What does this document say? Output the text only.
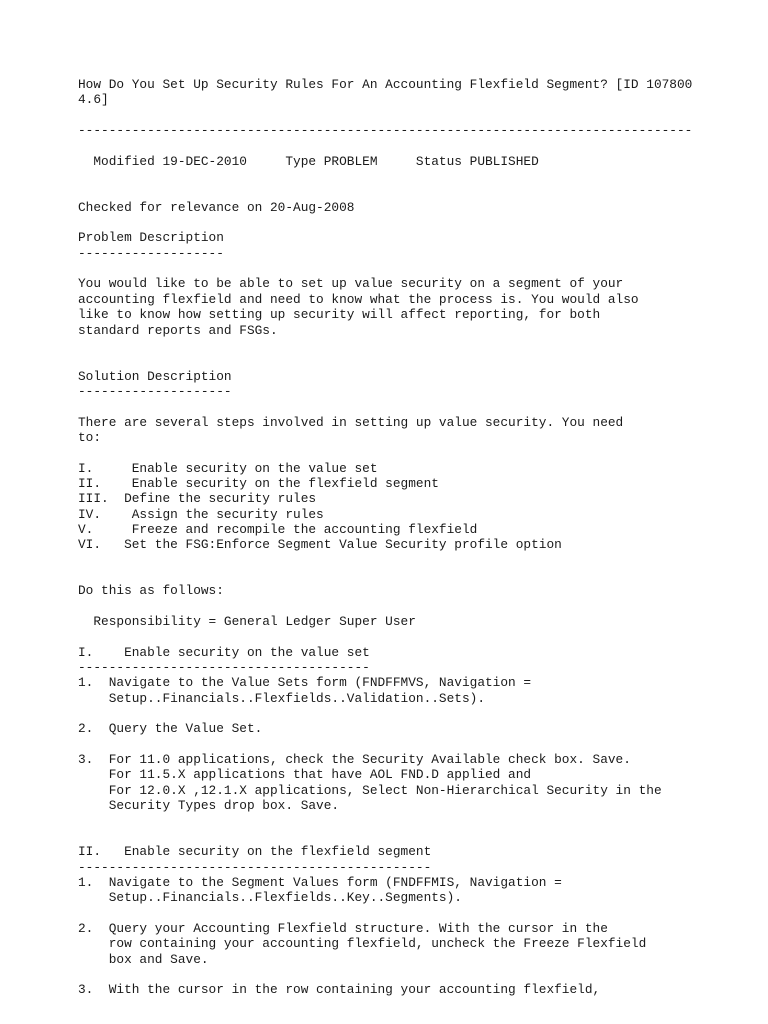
How Do You Set Up Security Rules For An Accounting Flexfield Segment? [ID 107800
4.6]
--------------------------------------------------------------------------------
Modified 19-DEC-2010     Type PROBLEM     Status PUBLISHED
Checked for relevance on 20-Aug-2008
Problem Description
-------------------
You would like to be able to set up value security on a segment of your
accounting flexfield and need to know what the process is. You would also
like to know how setting up security will affect reporting, for both
standard reports and FSGs.
Solution Description
--------------------
There are several steps involved in setting up value security. You need
to:
I.     Enable security on the value set
II.    Enable security on the flexfield segment
III.  Define the security rules
IV.    Assign the security rules
V.     Freeze and recompile the accounting flexfield
VI.   Set the FSG:Enforce Segment Value Security profile option
Do this as follows:
Responsibility = General Ledger Super User
I.    Enable security on the value set
--------------------------------------
1.  Navigate to the Value Sets form (FNDFFMVS, Navigation =
Setup..Financials..Flexfields..Validation..Sets).
2.  Query the Value Set.
3.  For 11.0 applications, check the Security Available check box. Save.
For 11.5.X applications that have AOL FND.D applied and
For 12.0.X ,12.1.X applications, Select Non-Hierarchical Security in the
Security Types drop box. Save.
II.   Enable security on the flexfield segment
----------------------------------------------
1.  Navigate to the Segment Values form (FNDFFMIS, Navigation =
Setup..Financials..Flexfields..Key..Segments).
2.  Query your Accounting Flexfield structure. With the cursor in the
row containing your accounting flexfield, uncheck the Freeze Flexfield
box and Save.
3.  With the cursor in the row containing your accounting flexfield,
